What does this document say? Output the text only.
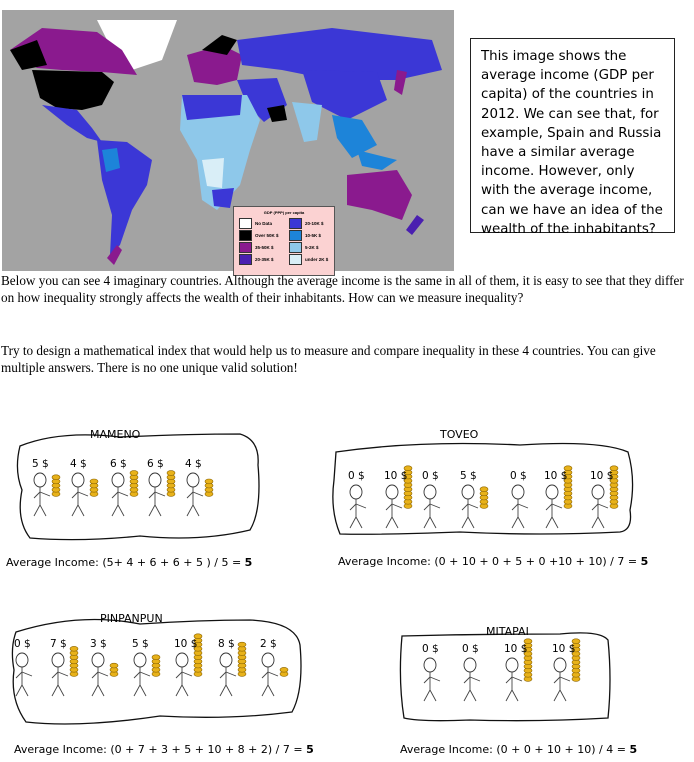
GDP (PPP) per capita
No Data	20-10K $
Over 50K $	10-5K $
35-50K $	5-2K $
20-35K $	under 2K $
This image shows the average income (GDP per capita) of the countries in 2012. We can see that, for example, Spain and Russia have a similar average income. However, only with the average income, can we have an idea of the wealth of the inhabitants?
Below you can see 4 imaginary countries. Although the average income is the same in all of them, it is easy to see that they differ on how inequality strongly affects the wealth of their inhabitants. How can we measure inequality?
Try to design a mathematical index that would help us to measure and compare inequality in these 4 countries. You can give multiple answers. There is no one unique valid solution!
MAMENO
Average Income: (5+ 4 + 6 + 6 + 5 ) / 5 = 5
5 $ 4 $ 6 $ 6 $ 4 $
TOVEO
Average Income: (0 + 10 + 0 + 5 + 0 +10 + 10) / 7 = 5
0 $ 10 $ 0 $ 5 $	0 $ 10 $ 10 $
PINPANPUN
Average Income: (0 + 7 + 3 + 5 + 10 + 8 + 2) / 7 = 5
0 $ 7 $ 3 $ 5 $ 10 $ 8 $ 2 $
MITAPAI
Average Income: (0 + 0 + 10 + 10) / 4 = 5
0 $ 0 $ 10 $ 10 $
